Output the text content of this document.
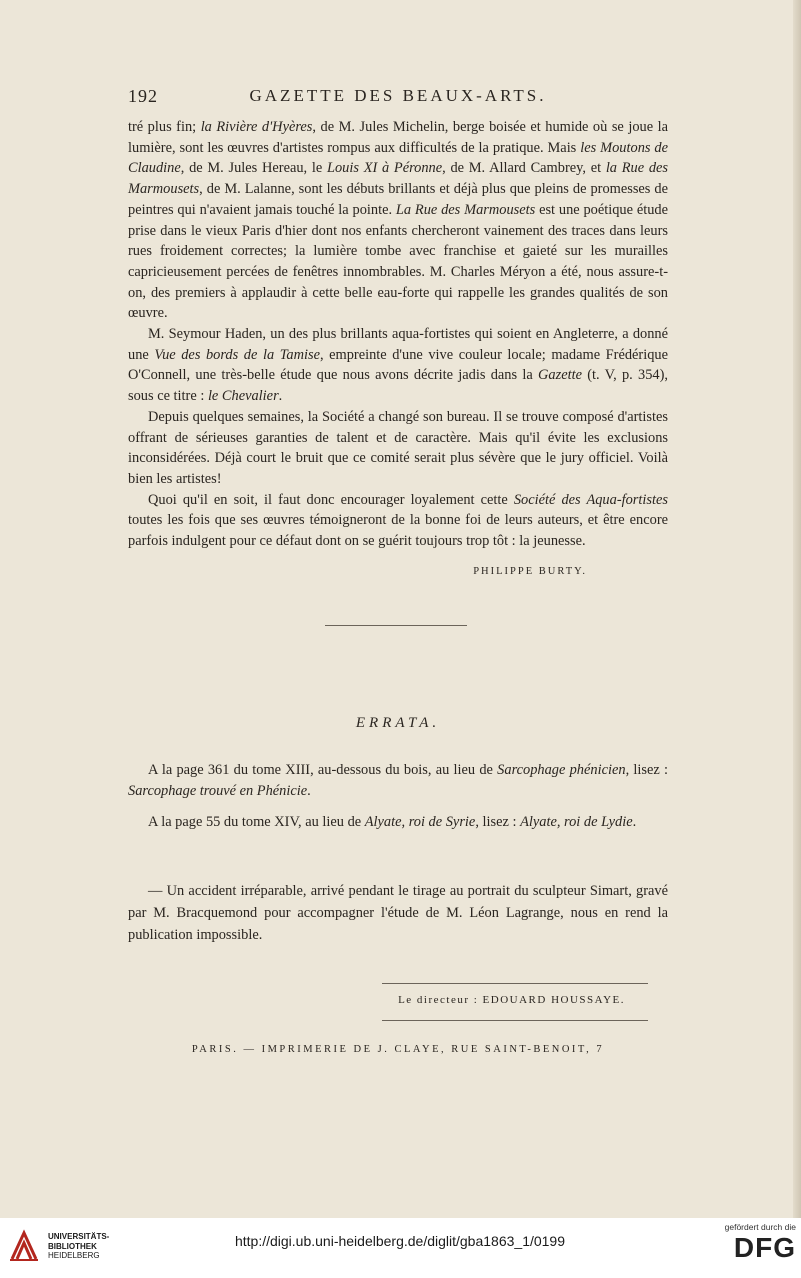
192	GAZETTE DES BEAUX-ARTS.

tré plus fin; la Rivière d'Hyères, de M. Jules Michelin, berge boisée et humide où se joue la lumière, sont les œuvres d'artistes rompus aux difficultés de la pratique. Mais les Moutons de Claudine, de M. Jules Hereau, le Louis XI à Péronne, de M. Allard Cambrey, et la Rue des Marmousets, de M. Lalanne, sont les débuts brillants et déjà plus que pleins de promesses de peintres qui n'avaient jamais touché la pointe. La Rue des Marmousets est une poétique étude prise dans le vieux Paris d'hier dont nos enfants chercheront vainement des traces dans leurs rues froidement correctes; la lumière tombe avec franchise et gaieté sur les murailles capricieusement percées de fenêtres innombrables. M. Charles Méryon a été, nous assure-t-on, des premiers à applaudir à cette belle eau-forte qui rappelle les grandes qualités de son œuvre.

M. Seymour Haden, un des plus brillants aqua-fortistes qui soient en Angleterre, a donné une Vue des bords de la Tamise, empreinte d'une vive couleur locale; madame Frédérique O'Connell, une très-belle étude que nous avons décrite jadis dans la Gazette (t. V, p. 354), sous ce titre : le Chevalier.

Depuis quelques semaines, la Société a changé son bureau. Il se trouve composé d'artistes offrant de sérieuses garanties de talent et de caractère. Mais qu'il évite les exclusions inconsidérées. Déjà court le bruit que ce comité serait plus sévère que le jury officiel. Voilà bien les artistes!

Quoi qu'il en soit, il faut donc encourager loyalement cette Société des Aqua-fortistes toutes les fois que ses œuvres témoigneront de la bonne foi de leurs auteurs, et être encore parfois indulgent pour ce défaut dont on se guérit toujours trop tôt : la jeunesse.

PHILIPPE BURTY.
ERRATA.

A la page 361 du tome XIII, au-dessous du bois, au lieu de Sarcophage phénicien, lisez : Sarcophage trouvé en Phénicie.

A la page 55 du tome XIV, au lieu de Alyate, roi de Syrie, lisez : Alyate, roi de Lydie.

— Un accident irréparable, arrivé pendant le tirage au portrait du sculpteur Simart, gravé par M. Bracquemond pour accompagner l'étude de M. Léon Lagrange, nous en rend la publication impossible.

Le directeur : EDOUARD HOUSSAYE.
PARIS. — IMPRIMERIE DE J. CLAYE, RUE SAINT-BENOIT, 7
UNIVERSITÄTS-
BIBLIOTHEK
HEIDELBERG
http://digi.ub.uni-heidelberg.de/diglit/gba1863_1/0199
gefördert durch die
DFG
